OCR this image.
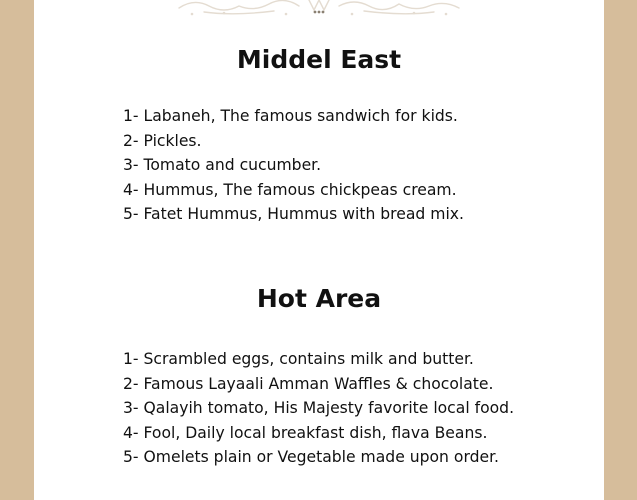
Middel East
1- Labaneh, The famous sandwich for kids.
2- Pickles.
3- Tomato and cucumber.
4- Hummus, The famous chickpeas cream.
5- Fatet Hummus, Hummus with bread mix.
Hot Area
1- Scrambled eggs, contains milk and butter.
2- Famous Layaali Amman Waffles & chocolate.
3- Qalayih tomato, His Majesty favorite local food.
4- Fool, Daily local breakfast dish, flava Beans.
5- Omelets plain or Vegetable made upon order.
